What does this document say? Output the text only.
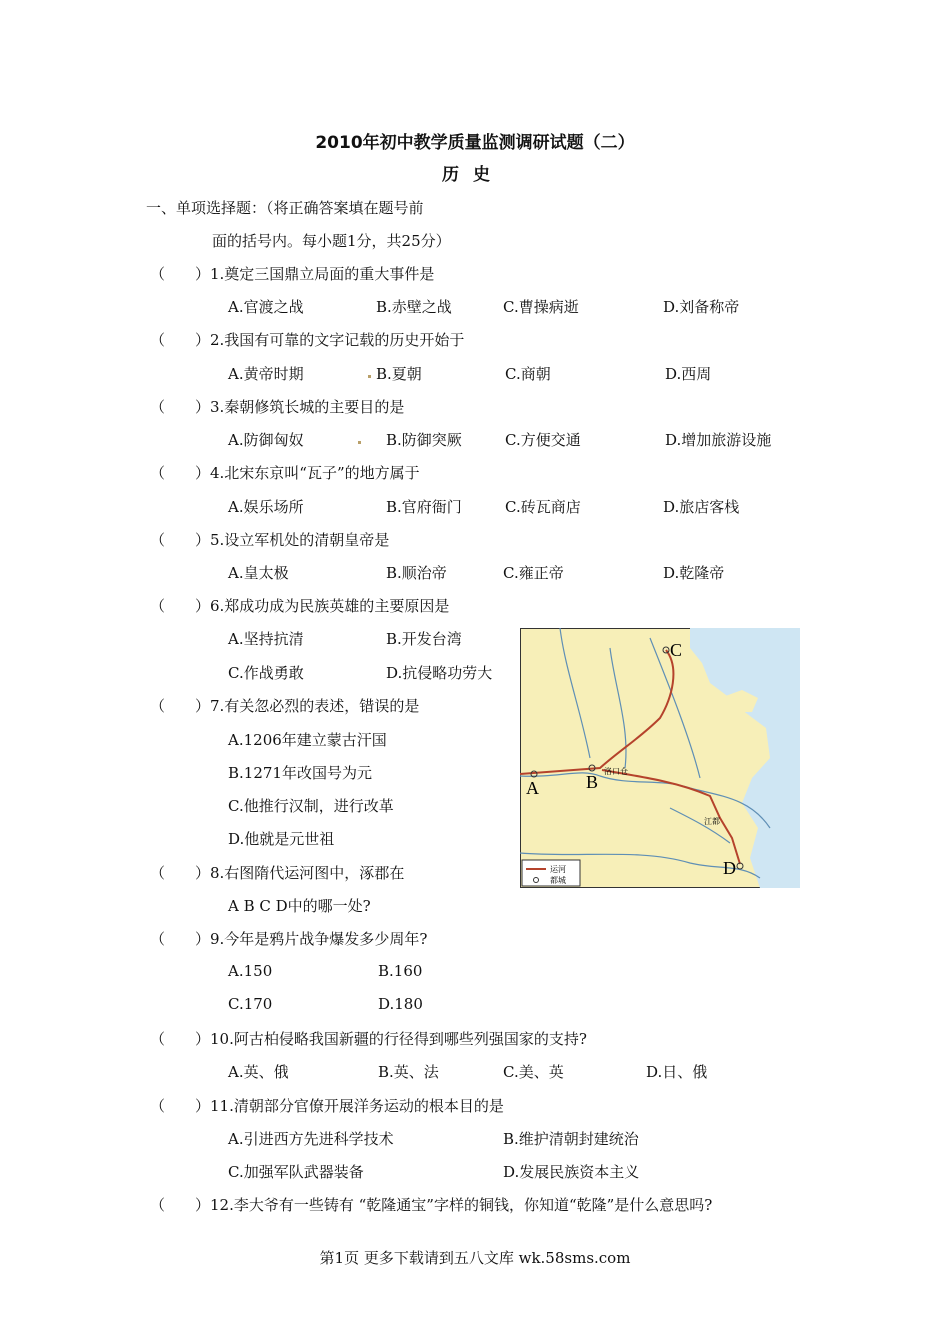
2010年初中教学质量监测调研试题（二）
历史
一、单项选择题：（将正确答案填在题号前
面的括号内。每小题1分，共25分）
（　　） 1.奠定三国鼎立局面的重大事件是
A.官渡之战	B.赤壁之战	C.曹操病逝	D.刘备称帝
（　　） 2.我国有可靠的文字记载的历史开始于
A.黄帝时期	B.夏朝	C.商朝	D.西周
（　　） 3.秦朝修筑长城的主要目的是
A.防御匈奴	B.防御突厥	C.方便交通	D.增加旅游设施
（　　） 4.北宋东京叫“瓦子”的地方属于
A.娱乐场所	B.官府衙门	C.砖瓦商店	D.旅店客栈
（　　） 5.设立军机处的清朝皇帝是
A.皇太极	B.顺治帝	C.雍正帝	D.乾隆帝
（　　） 6.郑成功成为民族英雄的主要原因是
A.坚持抗清	B.开发台湾
C.作战勇敢	D.抗侵略功劳大
（　　） 7.有关忽必烈的表述，错误的是
A.1206年建立蒙古汗国
B.1271年改国号为元
C.他推行汉制，进行改革
D.他就是元世祖
（　　） 8.右图隋代运河图中，涿郡在
A B C D中的哪一处?
（　　） 9.今年是鸦片战争爆发多少周年?
A.150	B.160
C.170	D.180
（　　） 10.阿古柏侵略我国新疆的行径得到哪些列强国家的支持?
A.英、俄	B.英、法	C.美、英	D.日、俄
（　　） 11.清朝部分官僚开展洋务运动的根本目的是
A.引进西方先进科学技术	B.维护清朝封建统治
C.加强军队武器装备	D.发展民族资本主义
（　　） 12.李大爷有一些铸有 “乾隆通宝”字样的铜钱，你知道“乾隆”是什么意思吗?
C
A	B
D
洛口仓
江都
运河
都城
第1页 更多下载请到五八文库 wk.58sms.com
